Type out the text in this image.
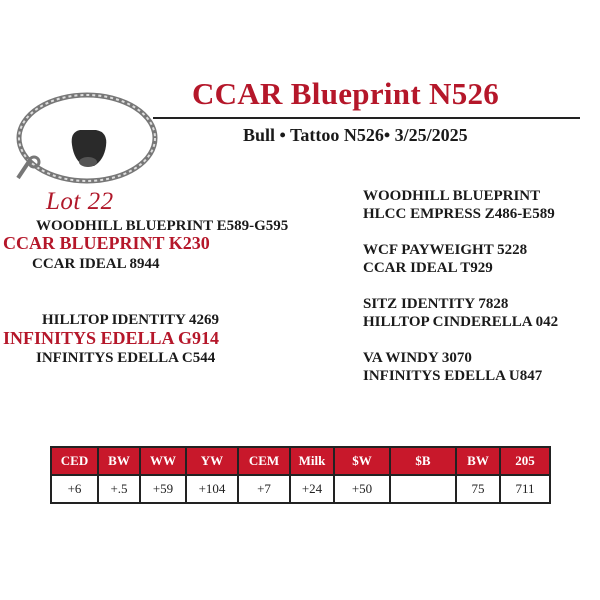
Lot 22
CCAR Blueprint N526
Bull • Tattoo N526• 3/25/2025
WOODHILL BLUEPRINT E589-G595
CCAR BLUEPRINT K230
CCAR IDEAL 8944
HILLTOP IDENTITY 4269
INFINITYS EDELLA G914
INFINITYS EDELLA C544
WOODHILL BLUEPRINT
HLCC EMPRESS Z486-E589
WCF PAYWEIGHT 5228
CCAR IDEAL T929
SITZ IDENTITY 7828
HILLTOP CINDERELLA 042
VA WINDY 3070
INFINITYS EDELLA U847
CED	BW	WW	YW	CEM	Milk	$W	$B	BW	205
+6	+.5	+59	+104	+7	+24	+50		75	711
